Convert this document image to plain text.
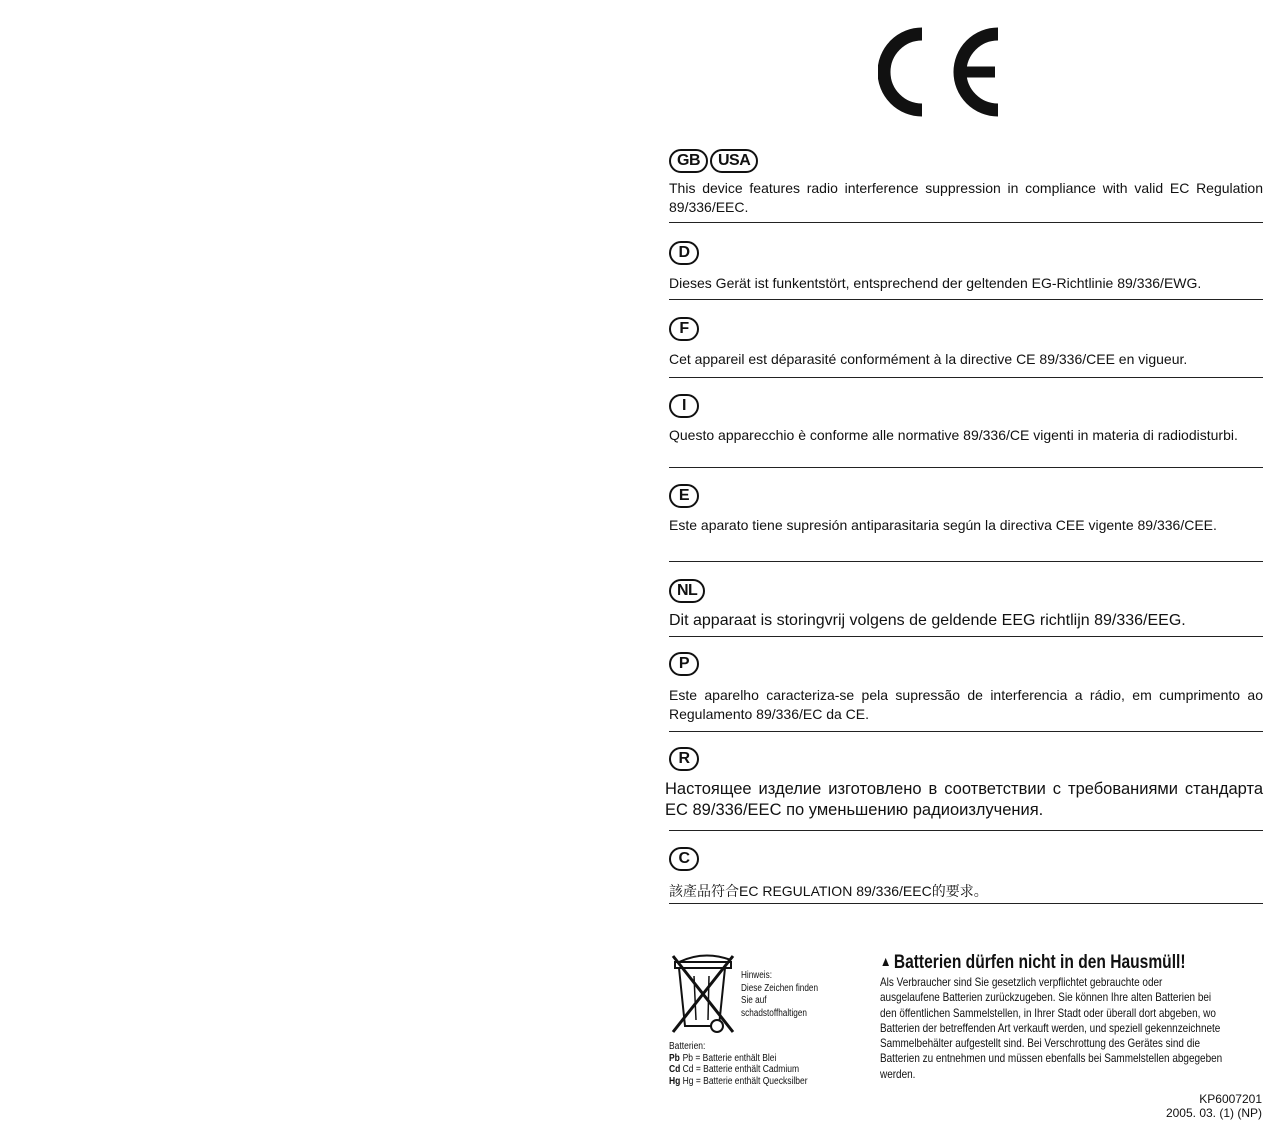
GB	USA
This device features radio interference suppression in compliance with valid EC Regulation 89/336/EEC.
D
Dieses Gerät ist funkentstört, entsprechend der geltenden EG-Richtlinie 89/336/EWG.
F
Cet appareil est déparasité conformément à la directive CE 89/336/CEE en vigueur.
I
Questo apparecchio è conforme alle normative 89/336/CE vigenti in materia di radiodisturbi.
E
Este aparato tiene supresión antiparasitaria según la directiva CEE vigente 89/336/CEE.
NL
Dit apparaat is storingvrij volgens de geldende EEG richtlijn 89/336/EEG.
P
Este aparelho caracteriza-se pela supressão de interferencia a rádio, em cumprimento ao Regulamento 89/336/EC da CE.
R
Настоящее изделие изготовлено в соответствии с требованиями стандарта EC 89/336/EEC по уменьшению радиоизлучения.
C
該產品符合EC REGULATION 89/336/EEC的要求。
Hinweis:
Diese Zeichen finden
Sie auf
schadstoffhaltigen
Batterien:
Pb Pb = Batterie enthält Blei
Cd Cd = Batterie enthält Cadmium
Hg Hg = Batterie enthält Quecksilber
▲ Batterien dürfen nicht in den Hausmüll!
Als Verbraucher sind Sie gesetzlich verpflichtet gebrauchte oder
ausgelaufene Batterien zurückzugeben. Sie können Ihre alten Batterien bei
den öffentlichen Sammelstellen, in Ihrer Stadt oder überall dort abgeben, wo
Batterien der betreffenden Art verkauft werden, und speziell gekennzeichnete
Sammelbehälter aufgestellt sind. Bei Verschrottung des Gerätes sind die
Batterien zu entnehmen und müssen ebenfalls bei Sammelstellen abgegeben
werden.
KP6007201
2005. 03. (1) (NP)
